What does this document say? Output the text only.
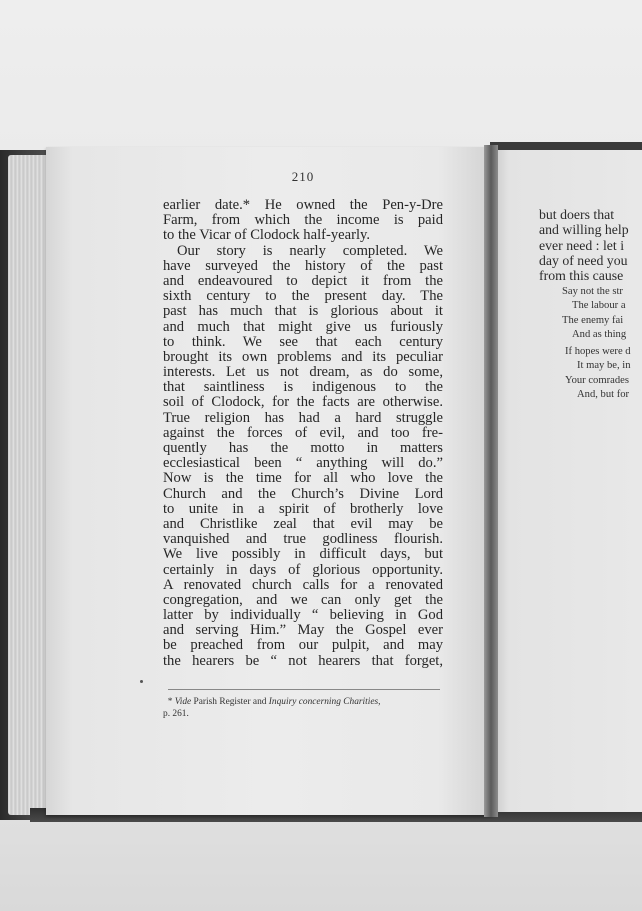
210
earlier date.* He owned the Pen-y-Dre
Farm, from which the income is paid
to the Vicar of Clodock half-yearly.
Our story is nearly completed. We
have surveyed the history of the past
and endeavoured to depict it from the
sixth century to the present day. The
past has much that is glorious about it
and much that might give us furiously
to think. We see that each century
brought its own problems and its peculiar
interests. Let us not dream, as do some,
that saintliness is indigenous to the
soil of Clodock, for the facts are otherwise.
True religion has had a hard struggle
against the forces of evil, and too fre-
quently has the motto in matters
ecclesiastical been “ anything will do.”
Now is the time for all who love the
Church and the Church’s Divine Lord
to unite in a spirit of brotherly love
and Christlike zeal that evil may be
vanquished and true godliness flourish.
We live possibly in difficult days, but
certainly in days of glorious opportunity.
A renovated church calls for a renovated
congregation, and we can only get the
latter by individually “ believing in God
and serving Him.” May the Gospel ever
be preached from our pulpit, and may
the hearers be “ not hearers that forget,
* Vide Parish Register and Inquiry concerning Charities,
p. 261.
but doers that
and willing help
ever need : let i
day of need you
from this cause
Say not the str
The labour a
The enemy fai
And as thing
If hopes were d
It may be, in
Your comrades
And, but for
